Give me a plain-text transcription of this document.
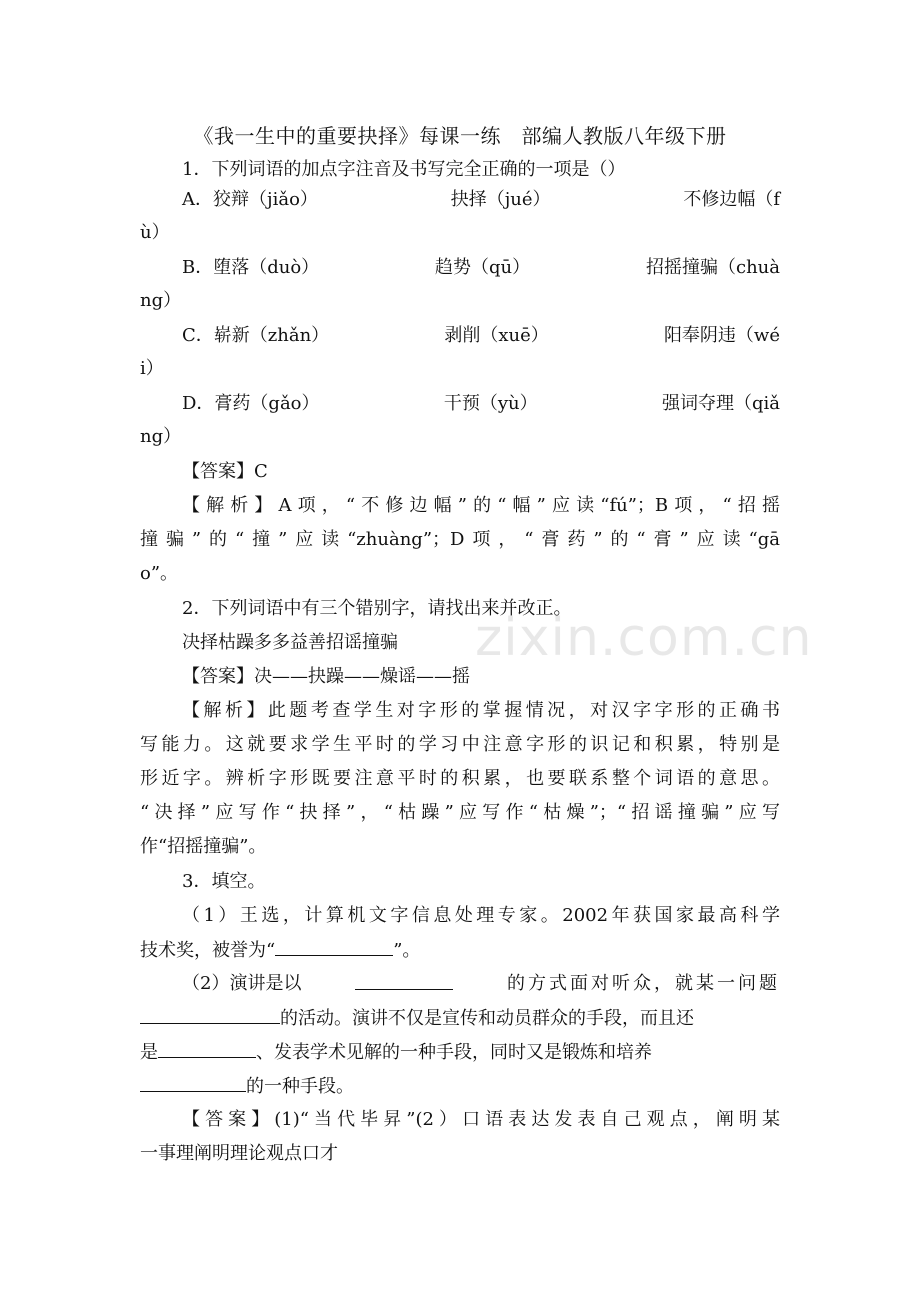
《我一生中的重要抉择》每课一练　部编人教版八年级下册
1．下列词语的加点字注音及书写完全正确的一项是（）
A．狡辩（jiǎo）	抉择（jué）	不修边幅（f
ù）
B．堕落（duò）	趋势（qū）	招摇撞骗（chuà
ng）
C．崭新（zhǎn）	剥削（xuē）	阳奉阴违（wé
i）
D．膏药（gǎo）	干预（yù）	强词夺理（qiǎ
ng）
【答案】C
【解析】A项，“不修边幅”的“幅”应读“fú”；B项，“招摇
撞骗”的“撞”应读“zhuàng”；D项，“膏药”的“膏”应读“gā
o”。
2．下列词语中有三个错别字，请找出来并改正。
决择枯躁多多益善招谣撞骗	zixin.com.cn
【答案】决——抉躁——燥谣——摇
【解析】此题考查学生对字形的掌握情况，对汉字字形的正确书
写能力。这就要求学生平时的学习中注意字形的识记和积累，特别是
形近字。辨析字形既要注意平时的积累，也要联系整个词语的意思。
“决择”应写作“抉择”，“枯躁”应写作“枯燥”；“招谣撞骗”应写
作“招摇撞骗”。
3．填空。
（1）王选，计算机文字信息处理专家。2002年获国家最高科学
技术奖，被誉为“	”。
（2）演讲是以	的方式面对听众，就某一问题
的活动。演讲不仅是宣传和动员群众的手段，而且还
是	、发表学术见解的一种手段，同时又是锻炼和培养
的一种手段。
【答案】(1)“当代毕昇”(2）口语表达发表自己观点，阐明某
一事理阐明理论观点口才
